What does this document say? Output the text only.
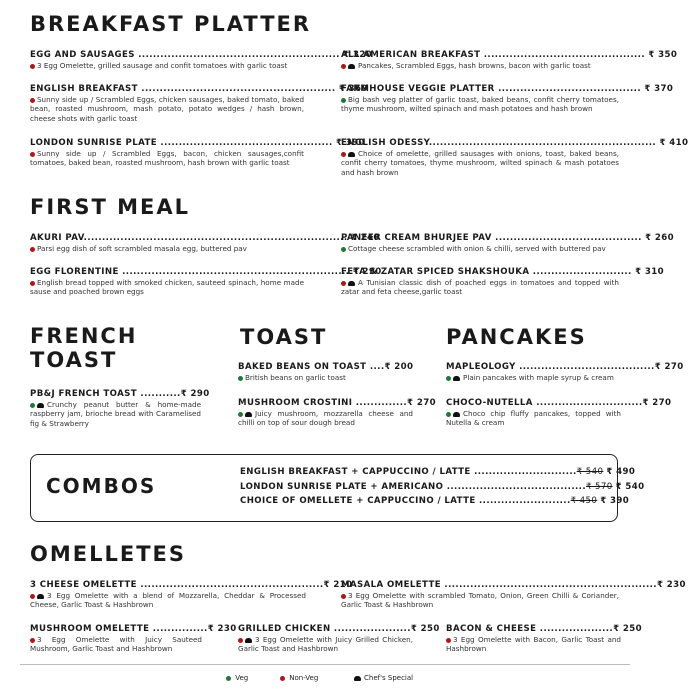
BREAKFAST PLATTER
EGG AND SAUSAGES ....................................................... ₹ 320
3 Egg Omelette, grilled sausage and confit tomatoes with garlic toast
ENGLISH BREAKFAST ..................................................... ₹ 360
Sunny side up / Scrambled Eggs, chicken sausages, baked tomato, baked bean, roasted mushroom, mash potato, potato wedges / hash brown, cheese shots with garlic toast
LONDON SUNRISE PLATE ............................................... ₹ 390
Sunny side up / Scrambled Eggs, bacon, chicken sausages,confit tomatoes, baked bean, roasted mushroom, hash brown with garlic toast
ALL AMERICAN BREAKFAST ............................................ ₹ 350
Pancakes, Scrambled Eggs, hash browns, bacon with garlic toast
FARMHOUSE VEGGIE PLATTER ....................................... ₹ 370
Big bash veg platter of garlic toast, baked beans, confit cherry tomatoes, thyme mushroom, wilted spinach and mash potatoes and hash brown
ENGLISH ODESSY.............................................................. ₹ 410
Choice of omelette, grilled sausages with onions, toast, baked beans, confit cherry tomatoes, thyme mushroom, wilted spinach & mash potatoes and hash brown
FIRST MEAL
AKURI PAV........................................................................ ₹ 240
Parsi egg dish of soft scrambled masala egg, buttered pav
EGG FLORENTINE .............................................................. ₹ 290
English bread topped with smoked chicken, sauteed spinach, home made sause and poached brown eggs
PANEER CREAM BHURJEE PAV ........................................ ₹ 260
Cottage cheese scrambled with onion & chilli, served with buttered pav
FETA & ZATAR SPICED SHAKSHOUKA ........................... ₹ 310
A Tunisian classic dish of poached eggs in tomatoes and topped with zatar and feta cheese,garlic toast
FRENCH
TOAST
TOAST	PANCAKES
PB&J FRENCH TOAST ...........₹ 290
Crunchy peanut butter & home-made raspberry jam, brioche bread with Caramelised fig & Strawberry
BAKED BEANS ON TOAST ....₹ 200
British beans on garlic toast
MUSHROOM CROSTINI ..............₹ 270
Juicy mushroom, mozzarella cheese and chilli on top of sour dough bread
MAPLEOLOGY .....................................₹ 270
Plain pancakes with maple syrup & cream
CHOCO-NUTELLA .............................₹ 270
Choco chip fluffy pancakes, topped with Nutella & cream
COMBOS
ENGLISH BREAKFAST + CAPPUCCINO / LATTE ............................₹ 540 ₹ 490
LONDON SUNRISE PLATE + AMERICANO ......................................₹ 570 ₹ 540
CHOICE OF OMELLETE + CAPPUCCINO / LATTE .........................₹ 450 ₹ 390
OMELLETES
3 CHEESE OMELETTE ..................................................₹ 210
3 Egg Omelette with a blend of Mozzarella, Cheddar & Processed Cheese, Garlic Toast & Hashbrown
MASALA OMELETTE ..........................................................₹ 230
3 Egg Omelette with scrambled Tomato, Onion, Green Chilli & Coriander, Garlic Toast & Hashbrown
MUSHROOM OMELETTE ...............₹ 230
3 Egg Omelette with Juicy Sauteed Mushroom, Garlic Toast and Hashbrown
GRILLED CHICKEN .....................₹ 250
3 Egg Omelette with Juicy Grilled Chicken, Garlic Toast and Hashbrown
BACON & CHEESE ....................₹ 250
3 Egg Omelette with Bacon, Garlic Toast and Hashbrown
Veg	Non-Veg	Chef's Special
